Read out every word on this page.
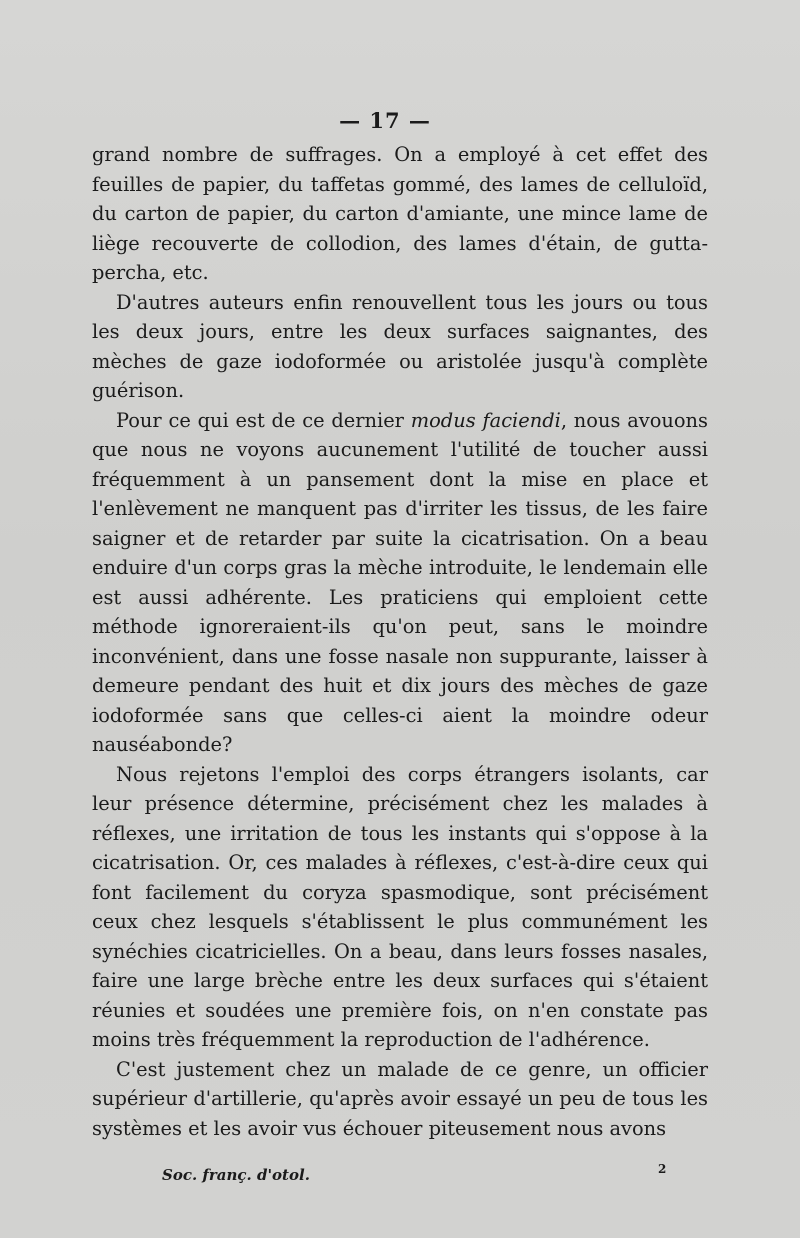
— 17 —

grand nombre de suffrages. On a employé à cet effet des feuilles de papier, du taffetas gommé, des lames de celluloïd, du carton de papier, du carton d'amiante, une mince lame de liège recouverte de collodion, des lames d'étain, de gutta-percha, etc.

D'autres auteurs enfin renouvellent tous les jours ou tous les deux jours, entre les deux surfaces saignantes, des mèches de gaze iodoformée ou aristolée jusqu'à complète guérison.

Pour ce qui est de ce dernier modus faciendi, nous avouons que nous ne voyons aucunement l'utilité de toucher aussi fréquemment à un pansement dont la mise en place et l'enlèvement ne manquent pas d'irriter les tissus, de les faire saigner et de retarder par suite la cicatrisation. On a beau enduire d'un corps gras la mèche introduite, le lendemain elle est aussi adhérente. Les praticiens qui emploient cette méthode ignoreraient-ils qu'on peut, sans le moindre inconvénient, dans une fosse nasale non suppurante, laisser à demeure pendant des huit et dix jours des mèches de gaze iodoformée sans que celles-ci aient la moindre odeur nauséabonde?

Nous rejetons l'emploi des corps étrangers isolants, car leur présence détermine, précisément chez les malades à réflexes, une irritation de tous les instants qui s'oppose à la cicatrisation. Or, ces malades à réflexes, c'est-à-dire ceux qui font facilement du coryza spasmodique, sont précisément ceux chez lesquels s'établissent le plus communément les synéchies cicatricielles. On a beau, dans leurs fosses nasales, faire une large brèche entre les deux surfaces qui s'étaient réunies et soudées une première fois, on n'en constate pas moins très fréquemment la reproduction de l'adhérence.

C'est justement chez un malade de ce genre, un officier supérieur d'artillerie, qu'après avoir essayé un peu de tous les systèmes et les avoir vus échouer piteusement nous avons

Soc. franç. d'otol.	2
